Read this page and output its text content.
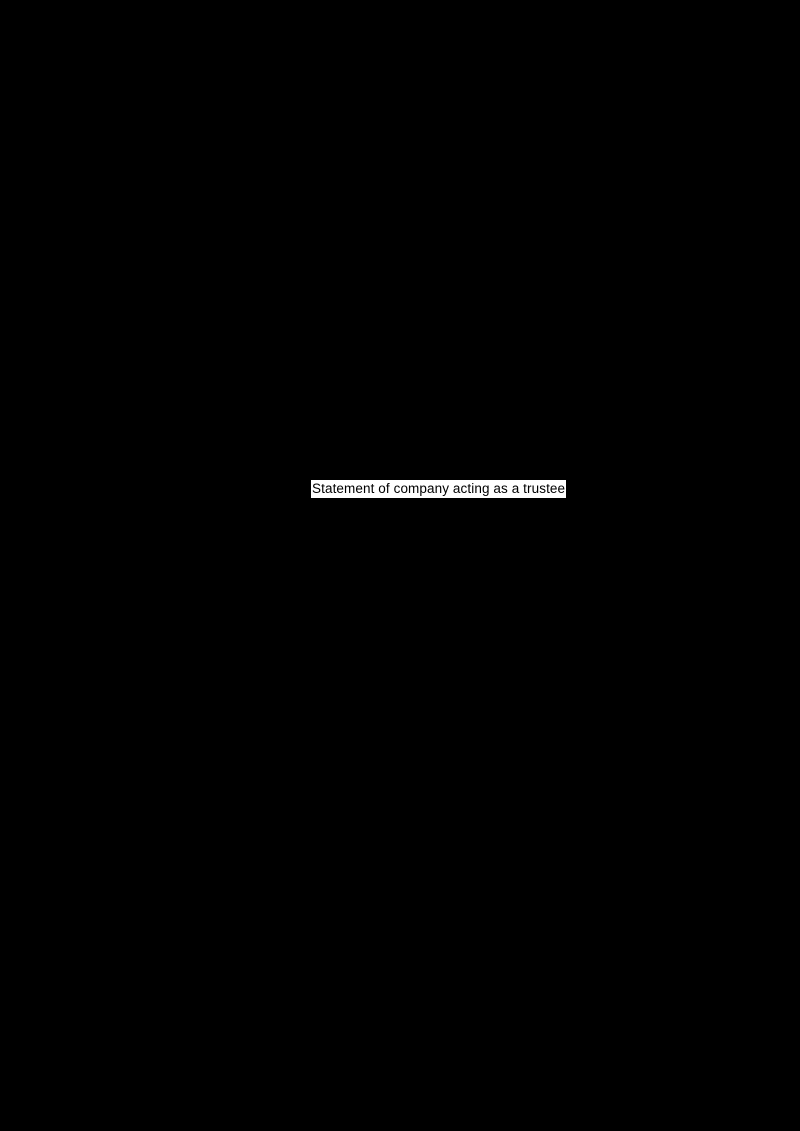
Statement of company acting as a trustee
